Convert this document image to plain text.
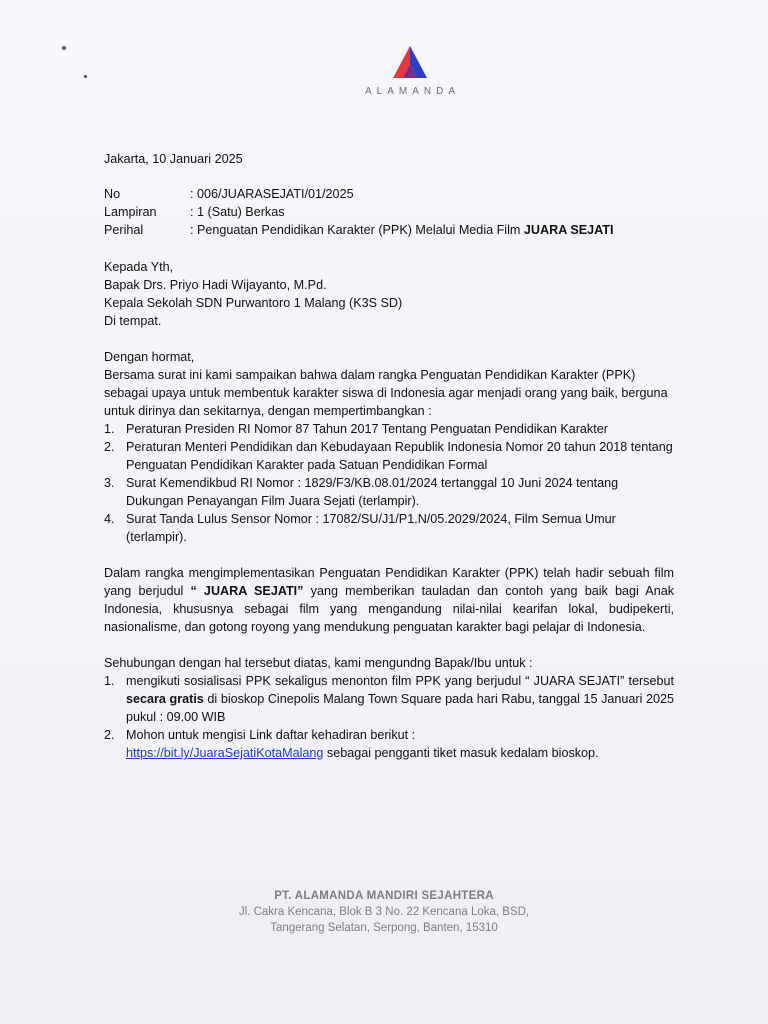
ALAMANDA
Jakarta, 10 Januari 2025
No	: 006/JUARASEJATI/01/2025
Lampiran	: 1 (Satu) Berkas
Perihal	: Penguatan Pendidikan Karakter (PPK) Melalui Media Film JUARA SEJATI
Kepada Yth,
Bapak Drs. Priyo Hadi Wijayanto, M.Pd.
Kepala Sekolah SDN Purwantoro 1 Malang (K3S SD)
Di tempat.
Dengan hormat,
Bersama surat ini kami sampaikan bahwa dalam rangka Penguatan Pendidikan Karakter (PPK) sebagai upaya untuk membentuk karakter siswa di Indonesia agar menjadi orang yang baik, berguna untuk dirinya dan sekitarnya, dengan mempertimbangkan :
1. Peraturan Presiden RI Nomor 87 Tahun 2017 Tentang Penguatan Pendidikan Karakter
2. Peraturan Menteri Pendidikan dan Kebudayaan Republik Indonesia Nomor 20 tahun 2018 tentang Penguatan Pendidikan Karakter pada Satuan Pendidikan Formal
3. Surat Kemendikbud RI Nomor : 1829/F3/KB.08.01/2024 tertanggal 10 Juni 2024 tentang Dukungan Penayangan Film Juara Sejati (terlampir).
4. Surat Tanda Lulus Sensor Nomor : 17082/SU/J1/P1.N/05.2029/2024, Film Semua Umur (terlampir).
Dalam rangka mengimplementasikan Penguatan Pendidikan Karakter (PPK) telah hadir sebuah film yang berjudul “ JUARA SEJATI” yang memberikan tauladan dan contoh yang baik bagi Anak Indonesia, khususnya sebagai film yang mengandung nilai-nilai kearifan lokal, budipekerti, nasionalisme, dan gotong royong yang mendukung penguatan karakter bagi pelajar di Indonesia.
Sehubungan dengan hal tersebut diatas, kami mengundng Bapak/Ibu untuk :
1. mengikuti sosialisasi PPK sekaligus menonton film PPK yang berjudul “ JUARA SEJATI” tersebut secara gratis di bioskop Cinepolis Malang Town Square pada hari Rabu, tanggal 15 Januari 2025 pukul : 09.00 WIB
2. Mohon untuk mengisi Link daftar kehadiran berikut :
https://bit.ly/JuaraSejatiKotaMalang sebagai pengganti tiket masuk kedalam bioskop.
PT. ALAMANDA MANDIRI SEJAHTERA
Jl. Cakra Kencana, Blok B 3 No. 22 Kencana Loka, BSD,
Tangerang Selatan, Serpong, Banten, 15310
